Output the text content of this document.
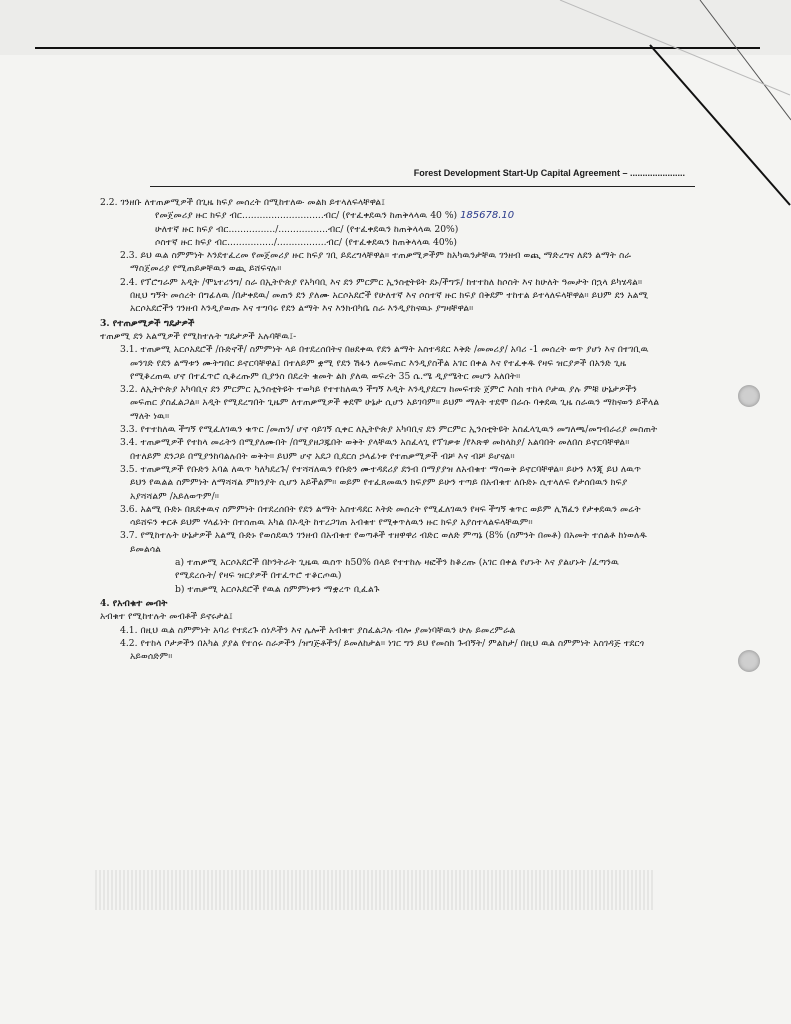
Forest Development Start-Up Capital Agreement – ......................

2.2. ገንዘቡ ለተጠቃሚዎች በጊዜ ክፍያ መሰረት በሚከተለው መልክ ይተላለፍላቸዋል፤

የመጀመሪያ ዙር ክፍያ ብር............................ብር/ (የተፈቀደዉን ከጠቅላላዉ 40 %) 185678.10

ሁለተኛ ዙር ክፍያ ብር................/.................ብር/ (የተፈቀደዉን ከጠቅላላዉ 20%)

ሶስተኛ ዙር ክፍያ ብር................/.................ብር/ (የተፈቀደዉን ከጠቅላላዉ 40%)

2.3. ይህ ዉል ስምምነት እንደተፈረመ የመጀመሪያ ዙር ክፍያ ገቢ ይደረግላቸዋል። ተጠቃሚዎችም ከአካዉንታቸዉ ገንዘብ ወጪ ማድረግና ለደን ልማት ስራ ማስጀመሪያ የሚጠይቃቸዉን ወጪ ይሸፍናሉ።

2.4. የፕሮግራም አዲት /ሞኒተሪንግ/ ስራ በኢትዮጵያ የአካባቢ እና ደን ምርምር ኢንስቲትዩት ደኑ/ችግኙ/ ከተተከለ ከሶስት እና ከሁለት ዓመታት በኋላ ይካሄዳል። በዚህ ግኝት መሰረት በግፊለዉ /በታቀደዉ/ መጠን ደን ያለሙ አርሶአደሮች የሁለተኛ እና ሶስተኛ ዙር ክፍያ በቅደም ተከተል ይተላለፍላቸዋል። ይህም ደን አልሚ አርሶአደሮችን ገንዘብ እንዲያወጡ እና ተግባሩ የደን ልማት እና እንክብካቤ ስራ እንዲያከናዉኑ ያግዛቸዋል።

3. የተጠቃሚዎች ግዴታዎች

ተጠቃሚ ደን አልሚዎች የሚከተሉት ግዴታዎች አሉባቸዉ፤-

3.1. ተጠቃሚ አርሶአደሮች /ቡድኖች/ ስምምነት ላይ በተደረሰበትና በፀደቀዉ የደን ልማት አስተዳደር እቅድ /መመሪያ/ አባሪ -1 መሰረት ወጥ ያሆነ እና በተገቢዉ መንገድ የደን ልማቱን ሙትግበር ይኖርባቸዋል፤ በተለይም ቋሚ የደን ሽፋን ለመፍጠር እንዲያስችል አገር በቀል እና የተፈቀዱ የዛፍ ዝርያዎች በአንድ ጊዜ የሚቆረጠዉ ሆኖ በተፈጥሮ ሲቆረጡም ቢያንስ በደረት ቁመት ልክ ያለዉ ወፍረት 35 ሴ.ሜ ዲያሜትር መሆን አለበት።

3.2. ለኢትዮጵያ አካባቢና ደን ምርምር ኢንስቲትዩት ተወካይ የተተከለዉን ችግኝ እዲት እንዲያደርግ ከመፍተድ ጀምሮ እስከ ተከላ ቦታዉ ያሉ ምቹ ሁኔታዎችን መፍጠር ያስፈልጋል። አዲት የሚደረግበት ጊዜም ለተጠቃሚዎች ቀደሞ ሁኔታ ሲሆን አይገባም። ይህም ማለት ተደሞ በራሱ ባቀደዉ ጊዜ ስራዉን ማከናወን ይችላል ማለት ነዉ።

3.3. የተተከለዉ ችግኝ የሚፈለገዉን ቁጥር /መጠን/ ሆኖ ሳይገኝ ሲቀር ለኢትዮጵያ አካባቢና ደን ምርምር ኢንስቲትዩት አስፈላጊዉን መግለጫ/መግብራሪያ መስጠት

3.4. ተጠቃሚዎች የተከላ መሬትን በሚያለሙበት /በሚያዘጋጁበት ወቅት ያላቸዉን አስፈላጊ የፕገቃቱ /የእጽዋ መከላከያ/ አልባበት መለበስ ይኖርባቸዋል። በተለይም ደንጋይ በሚያንከባልሉበት ወቅት። ይህም ሆኖ አደጋ ቢደርስ ኃላፊነቱ የተጠቃሚዎች ብቻ እና ብቻ ይሆናል።

3.5. ተጠቃሚዎች የቡድን አባል ለዉጥ ካለካደረጉ/ የተሻሻለዉን የቡድን ሙተዳደሪያ ደንብ በማያያዝ ለአብቁተ ማሳወቅ ይኖርባቸዋል። ይሁን እንጂ ይህ ለዉጥ ይህን የዉልል ስምምነት ለማሻሻል ምክንያት ሲሆን አይችልም። ወይም የተፈጸመዉን ክፍያም ይሁን ተጣይ በአብቁተ ለቡድኑ ሲተላለፍ የታሰበዉን ክፍያ አያሻሻልም /አይለወጥም/።

3.6. አልሚ ቡድኑ በጸደቀዉና ስምምነት በተደረሰበት የደን ልማት አስተዳደር እትድ መሰረት የሚፈለገዉን የዛፍ ችግኝ ቁጥር ወይም ሊሽፈን የታቀደዉን መሬት ሳይሸፍን ቀርቶ ይህም ሃላፊነት በተሰጠዉ አካል በኦዲት ከተረጋገጠ አብቁተ የሚቀጥለዉን ዙር ክፍያ አያስተላልፍላቸዉም።

3.7. የሚከተሉት ሁኔታዎች አልሚ ቡድኑ የወሰደዉን ገንዘብ በአብቁተ የወጣቶች ተዘዋዋሪ ብድር ወለድ ምጣኔ (8% (ስምንት በመቶ) በአመት ተሰልቶ ከነወለዱ ይመልሳል

a) ተጠቃሚ አርሶአደሮች በኮንትራት ጊዜዉ ዉስጥ ከ50% በላይ የተተከሉ ዛፎችን ከቆረጡ (አገር በቀል የሆኑት እና ያልሆኑት /ፈጣንዉ የሚደረሱት/ የዛፍ ዝርያዎች በተፈጥሮ ተቆርጦዉ)

b) ተጠቃሚ አርሶአደሮች የዉል ስምምነቱን ማቋረጥ ቢፈልጉ

4. የአብቁተ መብት

አብቁተ የሚከተሉት መብቶች ይኖሩታል፤

4.1. በዚህ ዉል ስምምነት አባሪ የተደረጉ ሰነዶችን እና ሌሎች አብቁተ ያስፈልጋሉ ብሎ ያመነባቸዉን ሁሉ ይመረምራል

4.2. የተከላ ቦታዎችን በአካል ያያል የተሰሩ ስራዎችን /ዝግጅቶችን/ ይመለከታል። ነገር ግን ይህ የመስክ ጉብኝት/ ምልከታ/ በዚህ ዉል ስምምነት አስገዳጅ ተደርጎ አይወሰድም።
